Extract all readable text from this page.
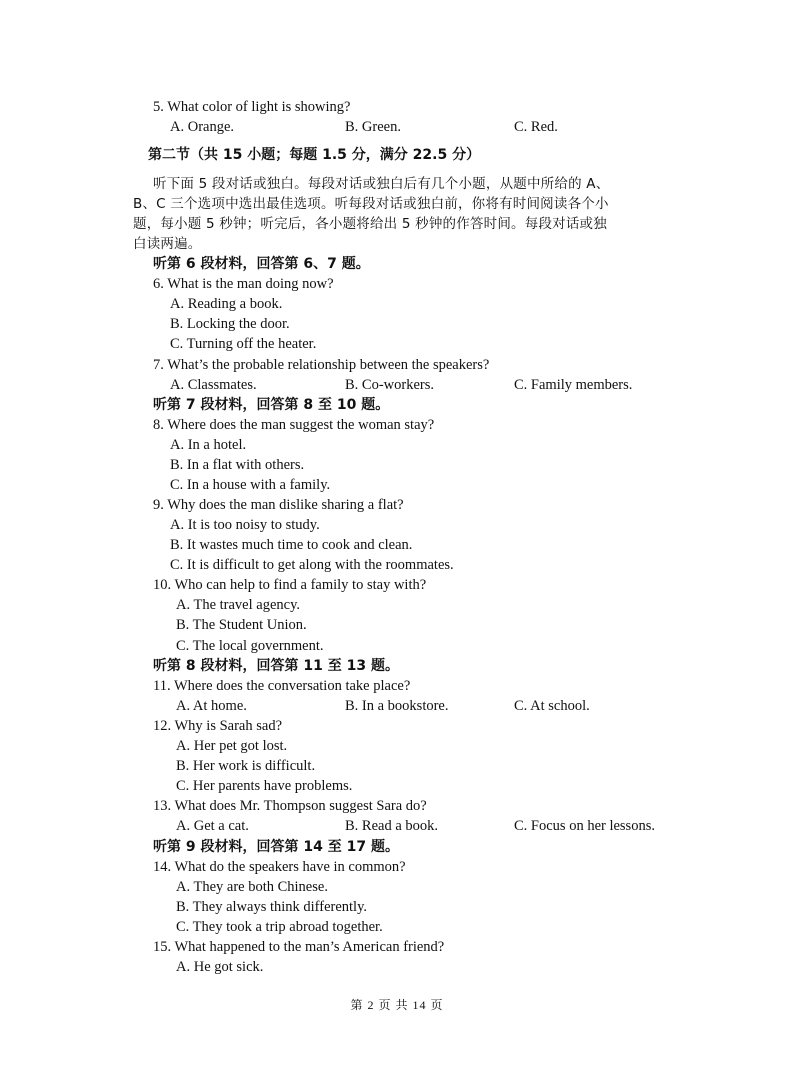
5. What color of light is showing?
A. Orange.	B. Green.	C. Red.
第二节（共 15 小题；每题 1.5 分，满分 22.5 分）
听下面 5 段对话或独白。每段对话或独白后有几个小题，从题中所给的 A、
B、C 三个选项中选出最佳选项。听每段对话或独白前，你将有时间阅读各个小
题，每小题 5 秒钟；听完后，各小题将给出 5 秒钟的作答时间。每段对话或独
白读两遍。
听第 6 段材料，回答第 6、7 题。
6. What is the man doing now?
A. Reading a book.
B. Locking the door.
C. Turning off the heater.
7. What’s the probable relationship between the speakers?
A. Classmates.	B. Co-workers.	C. Family members.
听第 7 段材料，回答第 8 至 10 题。
8. Where does the man suggest the woman stay?
A. In a hotel.
B. In a flat with others.
C. In a house with a family.
9. Why does the man dislike sharing a flat?
A. It is too noisy to study.
B. It wastes much time to cook and clean.
C. It is difficult to get along with the roommates.
10. Who can help to find a family to stay with?
A. The travel agency.
B. The Student Union.
C. The local government.
听第 8 段材料，回答第 11 至 13 题。
11. Where does the conversation take place?
A. At home.	B. In a bookstore.	C. At school.
12. Why is Sarah sad?
A. Her pet got lost.
B. Her work is difficult.
C. Her parents have problems.
13. What does Mr. Thompson suggest Sara do?
A. Get a cat.	B. Read a book.	C. Focus on her lessons.
听第 9 段材料，回答第 14 至 17 题。
14. What do the speakers have in common?
A. They are both Chinese.
B. They always think differently.
C. They took a trip abroad together.
15. What happened to the man’s American friend?
A. He got sick.
第 2 页 共 14 页
